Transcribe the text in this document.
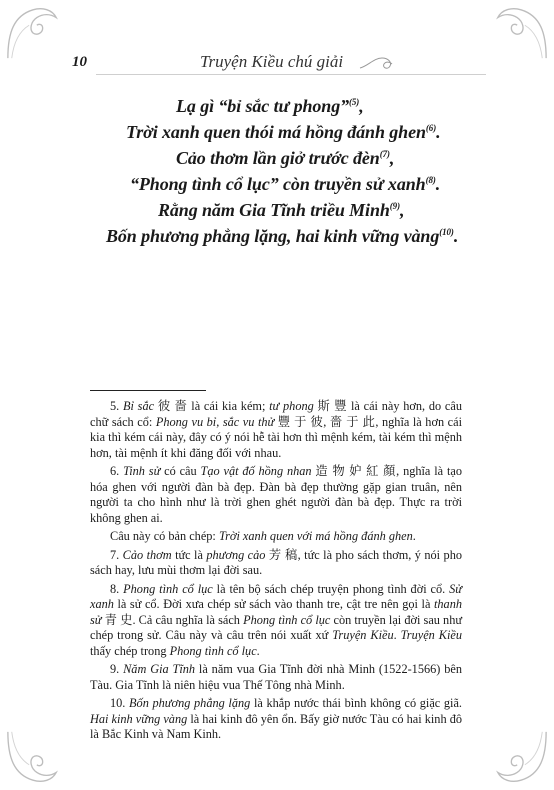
10	Truyện Kiều chú giải
Lạ gì “bỉ sắc tư phong”$^{(5)}$,
Trời xanh quen thói má hồng đánh ghen$^{(6)}$.
Cảo thơm lần giở trước đèn$^{(7)}$,
“Phong tình cổ lục” còn truyền sử xanh$^{(8)}$.
Rằng năm Gia Tĩnh triều Minh$^{(9)}$,
Bốn phương phẳng lặng, hai kinh vững vàng$^{(10)}$.

5. Bỉ sắc 彼 嗇 là cái kia kém; tư phong 斯 豐 là cái này hơn, do câu chữ sách cổ: Phong vu bỉ, sắc vu thử 豐 于 彼, 嗇 于 此, nghĩa là hơn cái kia thì kém cái này, đây có ý nói hễ tài hơn thì mệnh kém, tài kém thì mệnh hơn, tài mệnh ít khi đăng đối với nhau.

6. Tinh sử có câu Tạo vật đố hồng nhan 造 物 妒 紅 顏, nghĩa là tạo hóa ghen với người đàn bà đẹp. Đàn bà đẹp thường gặp gian truân, nên người ta cho hình như là trời ghen ghét người đàn bà đẹp. Thực ra trời không ghen ai.

Câu này có bản chép: Trời xanh quen với má hồng đánh ghen.

7. Cảo thơm tức là phương cảo 芳 稿, tức là pho sách thơm, ý nói pho sách hay, lưu mùi thơm lại đời sau.

8. Phong tình cổ lục là tên bộ sách chép truyện phong tình đời cổ. Sử xanh là sử cổ. Đời xưa chép sử sách vào thanh tre, cật tre nên gọi là thanh sử 青 史. Cả câu nghĩa là sách Phong tình cổ lục còn truyền lại đời sau như chép trong sử. Câu này và câu trên nói xuất xứ Truyện Kiều. Truyện Kiều thấy chép trong Phong tình cổ lục.

9. Năm Gia Tĩnh là năm vua Gia Tĩnh đời nhà Minh (1522-1566) bên Tàu. Gia Tĩnh là niên hiệu vua Thế Tông nhà Minh.

10. Bốn phương phẳng lặng là khắp nước thái bình không có giặc giã. Hai kinh vững vàng là hai kinh đô yên ổn. Bấy giờ nước Tàu có hai kinh đô là Bắc Kinh và Nam Kinh.
